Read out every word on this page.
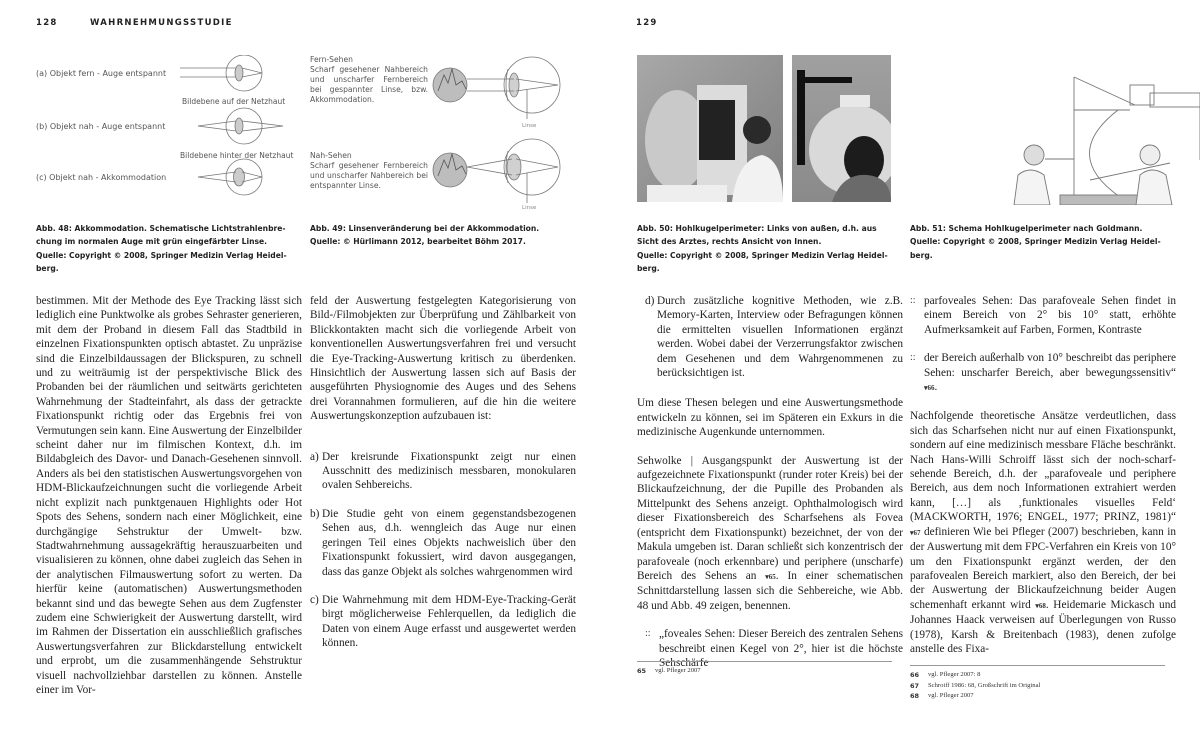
128	WAHRNEHMUNGSSTUDIE
(a) Objekt fern - Auge entspannt
(b) Objekt nah - Auge entspannt
(c) Objekt nah - Akkommodation
Bildebene auf der Netzhaut
Bildebene hinter der Netzhaut
Fern-Sehen
Scharf gesehener Nahbereich und unscharfer Fernbereich bei gespannter Linse, bzw. Akkommodation.
Nah-Sehen
Scharf gesehener Fernbereich und unscharfer Nahbereich bei entspannter Linse.
Linse
Linse
Abb. 48: Akkommodation. Schematische Lichtstrahlenbre-
chung im normalen Auge mit grün eingefärbter Linse.
Quelle: Copyright © 2008, Springer Medizin Verlag Heidel-
berg.
Abb. 49: Linsenveränderung bei der Akkommodation.
Quelle: © Hürlimann 2012, bearbeitet Böhm 2017.

bestimmen. Mit der Methode des Eye Tracking lässt sich lediglich eine Punktwolke als grobes Sehraster generieren, mit dem der Proband in diesem Fall das Stadtbild in einzelnen Fixationspunkten optisch abtastet. Zu unpräzise sind die Einzelbildaussagen der Blickspuren, zu schnell und zu weiträumig ist der perspektivische Blick des Probanden bei der räumlichen und seitwärts gerichteten Wahrnehmung der Stadteinfahrt, als dass der getrackte Fixationspunkt richtig oder das Ergebnis frei von Vermutungen sein kann. Eine Auswertung der Einzelbilder scheint daher nur im filmischen Kontext, d.h. im Bildabgleich des Davor- und Danach-Gesehenen sinnvoll. Anders als bei den statistischen Auswertungsvorgehen von HDM-Blickaufzeichnungen sucht die vorliegende Arbeit nicht explizit nach punktgenauen Highlights oder Hot Spots des Sehens, sondern nach einer Möglichkeit, eine durchgängige Sehstruktur der Umwelt- bzw. Stadtwahrnehmung aussagekräftig herauszuarbeiten und visualisieren zu können, ohne dabei zugleich das Sehen in der analytischen Filmauswertung sofort zu werten. Da hierfür keine (automatischen) Auswertungsmethoden bekannt sind und das bewegte Sehen aus dem Zugfenster zudem eine Schwierigkeit der Auswertung darstellt, wird im Rahmen der Dissertation ein ausschließlich grafisches Auswertungsverfahren zur Blickdarstellung entwickelt und erprobt, um die zusammenhängende Sehstruktur visuell nachvollziehbar darstellen zu können. Anstelle einer im Vor-

feld der Auswertung festgelegten Kategorisierung von Bild-/Filmobjekten zur Überprüfung und Zählbarkeit von Blickkontakten macht sich die vorliegende Arbeit von konventionellen Auswertungsverfahren frei und versucht die Eye-Tracking-Auswertung kritisch zu überdenken. Hinsichtlich der Auswertung lassen sich auf Basis der ausgeführten Physiognomie des Auges und des Sehens drei Vorannahmen formulieren, auf die hin die weitere Auswertungskonzeption aufzubauen ist:

a) Der kreisrunde Fixationspunkt zeigt nur einen Ausschnitt des medizinisch messbaren, monokularen ovalen Sehbereichs.
b) Die Studie geht von einem gegenstandsbezogenen Sehen aus, d.h. wenngleich das Auge nur einen geringen Teil eines Objekts nachweislich über den Fixationspunkt fokussiert, wird davon ausgegangen, dass das ganze Objekt als solches wahrgenommen wird
c) Die Wahrnehmung mit dem HDM-Eye-Tracking-Gerät birgt möglicherweise Fehlerquellen, da lediglich die Daten von einem Auge erfasst und ausgewertet werden können.
129
Abb. 50: Hohlkugelperimeter: Links von außen, d.h. aus
Sicht des Arztes, rechts Ansicht von Innen.
Quelle: Copyright © 2008, Springer Medizin Verlag Heidel-
berg.
Abb. 51: Schema Hohlkugelperimeter nach Goldmann.
Quelle: Copyright © 2008, Springer Medizin Verlag Heidel-
berg.
d) Durch zusätzliche kognitive Methoden, wie z.B. Memory-Karten, Interview oder Befragungen können die ermittelten visuellen Informationen ergänzt werden. Wobei dabei der Verzerrungsfaktor zwischen dem Gesehenen und dem Wahrgenommenen zu berücksichtigen ist.

Um diese Thesen belegen und eine Auswertungsmethode entwickeln zu können, sei im Späteren ein Exkurs in die medizinische Augenkunde unternommen.

Sehwolke | Ausgangspunkt der Auswertung ist der aufgezeichnete Fixationspunkt (runder roter Kreis) bei der Blickaufzeichnung, der die Pupille des Probanden als Mittelpunkt des Sehens anzeigt. Ophthalmologisch wird dieser Fixationsbereich des Scharfsehens als Fovea (entspricht dem Fixationspunkt) bezeichnet, der von der Makula umgeben ist. Daran schließt sich konzentrisch der parafoveale (noch erkennbare) und periphere (unscharfe) Bereich des Sehens an ▾65. In einer schematischen Schnittdarstellung lassen sich die Sehbereiche, wie Abb. 48 und Abb. 49 zeigen, benennen.

:: „foveales Sehen: Dieser Bereich des zentralen Sehens beschreibt einen Kegel von 2°, hier ist die höchste Sehschärfe
65	vgl. Pfleger 2007
:: parfoveales Sehen: Das parafoveale Sehen findet in einem Bereich von 2° bis 10° statt, erhöhte Aufmerksamkeit auf Farben, Formen, Kontraste
:: der Bereich außerhalb von 10° beschreibt das periphere Sehen: unscharfer Bereich, aber bewegungssensitiv“ ▾66.

Nachfolgende theoretische Ansätze verdeutlichen, dass sich das Scharfsehen nicht nur auf einen Fixationspunkt, sondern auf eine medizinisch messbare Fläche beschränkt. Nach Hans-Willi Schroiff lässt sich der noch-scharf-sehende Bereich, d.h. der „parafoveale und periphere Bereich, aus dem noch Informationen extrahiert werden kann, […] als ‚funktionales visuelles Feld‘ (MACKWORTH, 1976; ENGEL, 1977; PRINZ, 1981)“ ▾67 definieren Wie bei Pfleger (2007) beschrieben, kann in der Auswertung mit dem FPC-Verfahren ein Kreis von 10° um den Fixationspunkt ergänzt werden, der den parafovealen Bereich markiert, also den Bereich, der bei der Auswertung der Blickaufzeichnung beider Augen schemenhaft erkannt wird ▾68. Heidemarie Mickasch und Johannes Haack verweisen auf Überlegungen von Russo (1978), Karsh & Breitenbach (1983), denen zufolge anstelle des Fixa-

66	vgl. Pfleger 2007: 8
67	Schroiff 1986: 68, Großschrift im Original
68	vgl. Pfleger 2007
